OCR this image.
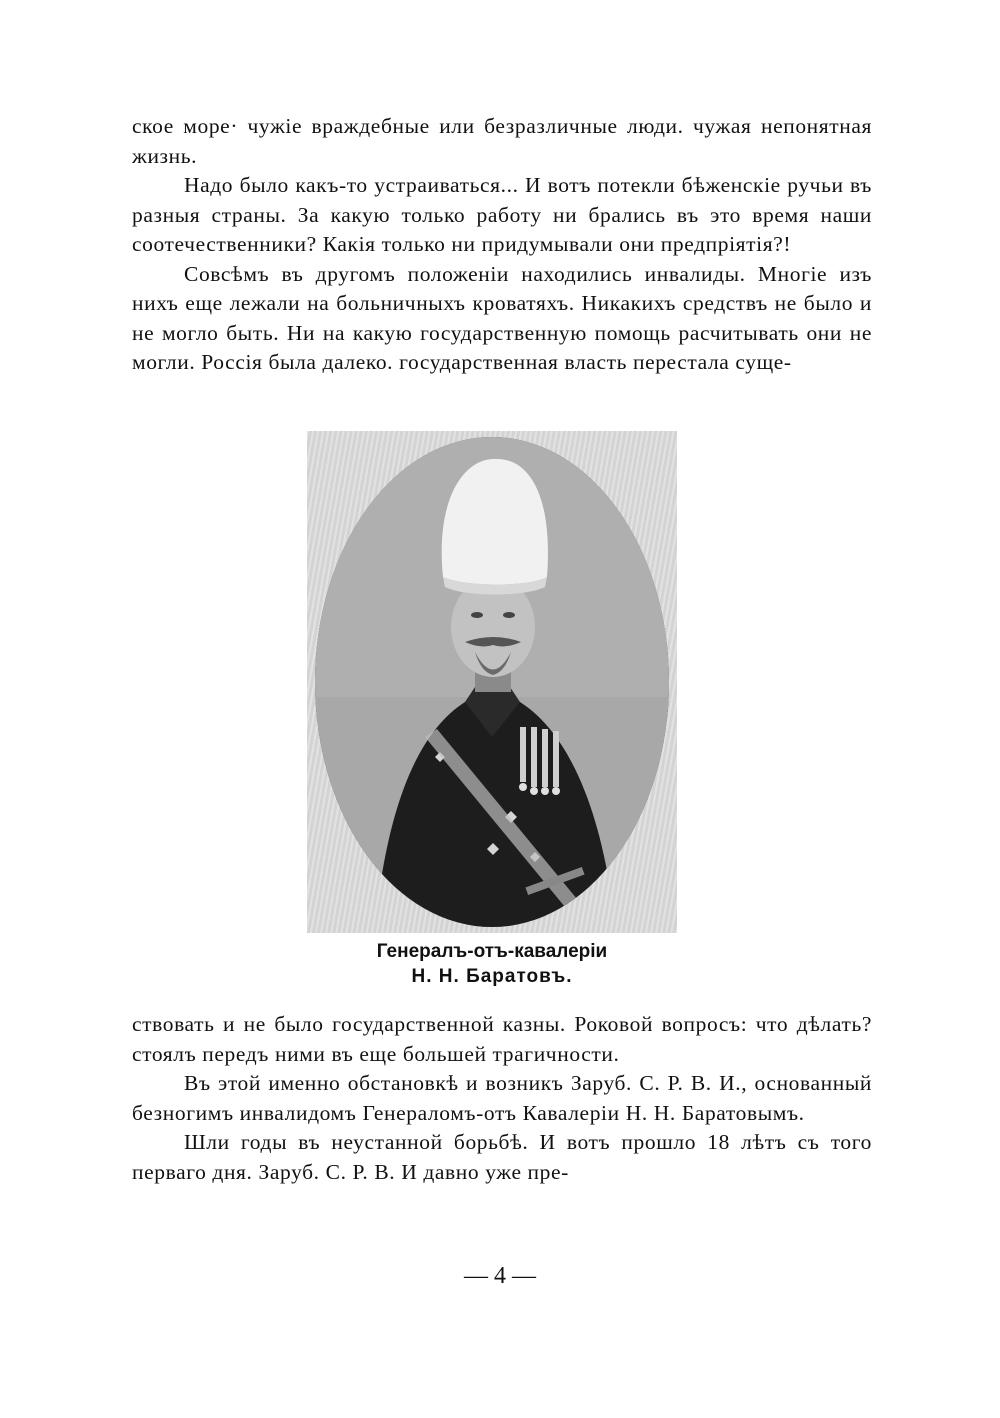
ское море· чужіе враждебные или безразличные люди. чужая непонятная жизнь.

Надо было какъ-то устраиваться... И вотъ потекли бѣженскіе ручьи въ разныя страны. За какую только работу ни брались въ это время наши соотечественники? Какія только ни придумывали они предпріятія?!

Совсѣмъ въ другомъ положеніи находились инвалиды. Многіе изъ нихъ еще лежали на больничныхъ кроватяхъ. Никакихъ средствъ не было и не могло быть. Ни на какую государственную помощь расчитывать они не могли. Россія была далеко. государственная власть перестала суще-

Генералъ-отъ-кавалеріи
Н. Н. Баратовъ.

ствовать и не было государственной казны. Роковой вопросъ: что дѣлать? стоялъ передъ ними въ еще большей трагичности.

Въ этой именно обстановкѣ и возникъ Заруб. С. Р. В. И., основанный безногимъ инвалидомъ Генераломъ-отъ Кавалеріи Н. Н. Баратовымъ.

Шли годы въ неустанной борьбѣ. И вотъ прошло 18 лѣтъ съ того перваго дня. Заруб. С. Р. В. И давно уже пре-

— 4 —
